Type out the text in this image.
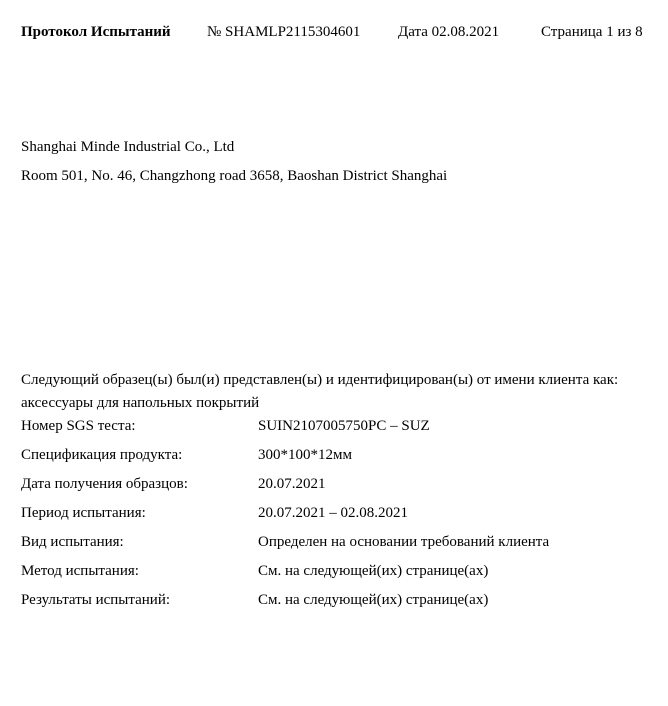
Протокол Испытаний № SHAMLP2115304601	Дата 02.08.2021	Страница 1 из 8
Shanghai Minde Industrial Co., Ltd
Room 501, No. 46, Changzhong road 3658, Baoshan District Shanghai
Следующий образец(ы) был(и) представлен(ы) и идентифицирован(ы) от имени клиента как:
аксессуары для напольных покрытий
Номер SGS теста:	SUIN2107005750PC – SUZ
Спецификация продукта:	300*100*12мм
Дата получения образцов:	20.07.2021
Период испытания:	20.07.2021 – 02.08.2021
Вид испытания:	Определен на основании требований клиента
Метод испытания:	См. на следующей(их) странице(ах)
Результаты испытаний:	См. на следующей(их) странице(ах)
